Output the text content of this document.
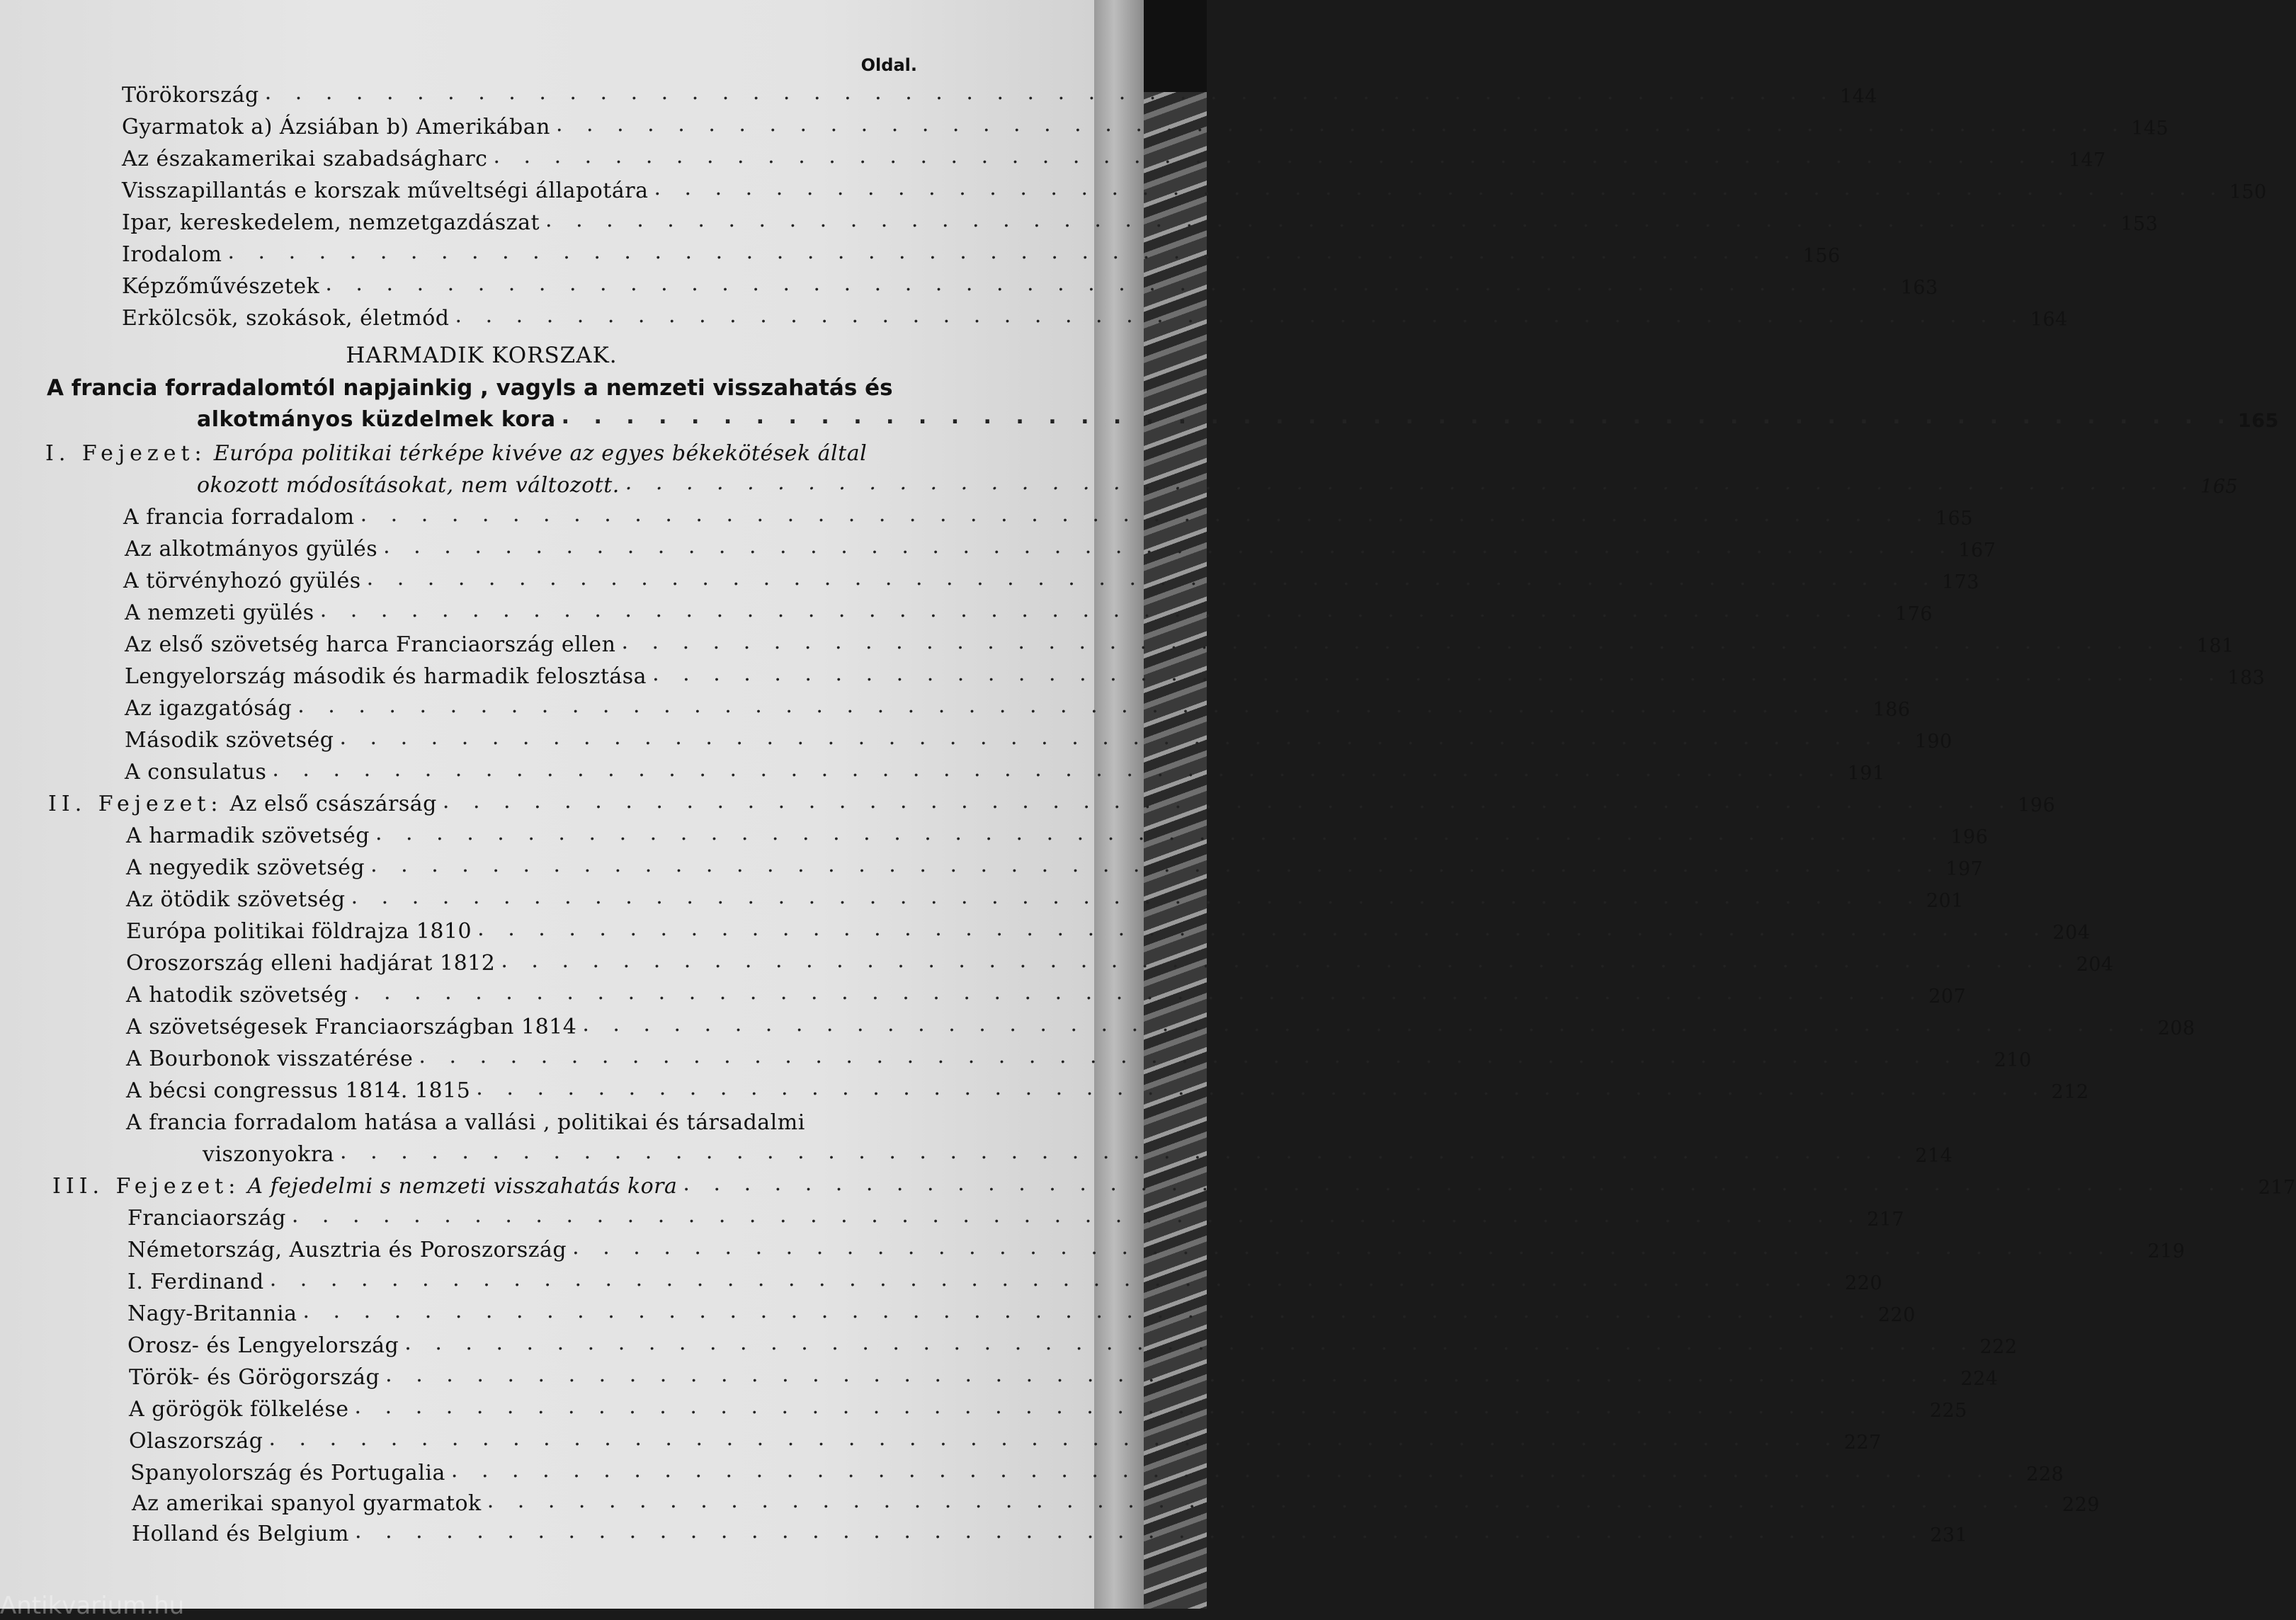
Oldal.
Törökország . . . . . . . . . . . . . . . . . . . . . . . . . . . . . . . . . . . . . . . . . . . . . . . . . . . . 144
Gyarmatok a) Ázsiában b) Amerikában . . . . . . . . . . . . . . . . . . . . . . . . . . . . . . . . . . . . . . . . . . . . . . . . . . . . 145
Az északamerikai szabadságharc . . . . . . . . . . . . . . . . . . . . . . . . . . . . . . . . . . . . . . . . . . . . . . . . . . . . 147
Visszapillantás e korszak műveltségi állapotára . . . . . . . . . . . . . . . . . . . . . . . . . . . . . . . . . . . . . . . . . . . . . . . . . . . . 150
Ipar, kereskedelem, nemzetgazdászat . . . . . . . . . . . . . . . . . . . . . . . . . . . . . . . . . . . . . . . . . . . . . . . . . . . . 153
Irodalom . . . . . . . . . . . . . . . . . . . . . . . . . . . . . . . . . . . . . . . . . . . . . . . . . . . . 156
Képzőművészetek . . . . . . . . . . . . . . . . . . . . . . . . . . . . . . . . . . . . . . . . . . . . . . . . . . . . 163
Erkölcsök, szokások, életmód . . . . . . . . . . . . . . . . . . . . . . . . . . . . . . . . . . . . . . . . . . . . . . . . . . . . 164
HARMADIK KORSZAK.
A francia forradalomtól napjainkig , vagyls a nemzeti visszahatás és
alkotmányos küzdelmek kora . . . . . . . . . . . . . . . . . . . . . . . . . . . . . . . . . . . . . . . . . . . . . . . . . . . . 165
I. Fejezet:
Európa politikai térképe kivéve az egyes békekötések által
okozott módosításokat, nem változott. . . . . . . . . . . . . . . . . . . . . . . . . . . . . . . . . . . . . . . . . . . . . . . . . . . . . 165
A francia forradalom . . . . . . . . . . . . . . . . . . . . . . . . . . . . . . . . . . . . . . . . . . . . . . . . . . . . 165
Az alkotmányos gyülés . . . . . . . . . . . . . . . . . . . . . . . . . . . . . . . . . . . . . . . . . . . . . . . . . . . . 167
A törvényhozó gyülés . . . . . . . . . . . . . . . . . . . . . . . . . . . . . . . . . . . . . . . . . . . . . . . . . . . . 173
A nemzeti gyülés . . . . . . . . . . . . . . . . . . . . . . . . . . . . . . . . . . . . . . . . . . . . . . . . . . . . 176
Az első szövetség harca Franciaország ellen . . . . . . . . . . . . . . . . . . . . . . . . . . . . . . . . . . . . . . . . . . . . . . . . . . . . 181
Lengyelország második és harmadik felosztása . . . . . . . . . . . . . . . . . . . . . . . . . . . . . . . . . . . . . . . . . . . . . . . . . . . . 183
Az igazgatóság . . . . . . . . . . . . . . . . . . . . . . . . . . . . . . . . . . . . . . . . . . . . . . . . . . . . 186
Második szövetség . . . . . . . . . . . . . . . . . . . . . . . . . . . . . . . . . . . . . . . . . . . . . . . . . . . . 190
A consulatus . . . . . . . . . . . . . . . . . . . . . . . . . . . . . . . . . . . . . . . . . . . . . . . . . . . . 191
II. Fejezet:
Az első császárság . . . . . . . . . . . . . . . . . . . . . . . . . . . . . . . . . . . . . . . . . . . . . . . . . . . . 196
A harmadik szövetség . . . . . . . . . . . . . . . . . . . . . . . . . . . . . . . . . . . . . . . . . . . . . . . . . . . . 196
A negyedik szövetség . . . . . . . . . . . . . . . . . . . . . . . . . . . . . . . . . . . . . . . . . . . . . . . . . . . . 197
Az ötödik szövetség . . . . . . . . . . . . . . . . . . . . . . . . . . . . . . . . . . . . . . . . . . . . . . . . . . . . 201
Európa politikai földrajza 1810 . . . . . . . . . . . . . . . . . . . . . . . . . . . . . . . . . . . . . . . . . . . . . . . . . . . . 204
Oroszország elleni hadjárat 1812 . . . . . . . . . . . . . . . . . . . . . . . . . . . . . . . . . . . . . . . . . . . . . . . . . . . . 204
A hatodik szövetség . . . . . . . . . . . . . . . . . . . . . . . . . . . . . . . . . . . . . . . . . . . . . . . . . . . . 207
A szövetségesek Franciaországban 1814 . . . . . . . . . . . . . . . . . . . . . . . . . . . . . . . . . . . . . . . . . . . . . . . . . . . . 208
A Bourbonok visszatérése . . . . . . . . . . . . . . . . . . . . . . . . . . . . . . . . . . . . . . . . . . . . . . . . . . . . 210
A bécsi congressus 1814. 1815 . . . . . . . . . . . . . . . . . . . . . . . . . . . . . . . . . . . . . . . . . . . . . . . . . . . . 212
A francia forradalom hatása a vallási , politikai és társadalmi
viszonyokra . . . . . . . . . . . . . . . . . . . . . . . . . . . . . . . . . . . . . . . . . . . . . . . . . . . . 214
III. Fejezet:
A fejedelmi s nemzeti visszahatás kora . . . . . . . . . . . . . . . . . . . . . . . . . . . . . . . . . . . . . . . . . . . . . . . . . . . . 217
Franciaország . . . . . . . . . . . . . . . . . . . . . . . . . . . . . . . . . . . . . . . . . . . . . . . . . . . . 217
Németország, Ausztria és Poroszország . . . . . . . . . . . . . . . . . . . . . . . . . . . . . . . . . . . . . . . . . . . . . . . . . . . . 219
I. Ferdinand . . . . . . . . . . . . . . . . . . . . . . . . . . . . . . . . . . . . . . . . . . . . . . . . . . . . 220
Nagy-Britannia . . . . . . . . . . . . . . . . . . . . . . . . . . . . . . . . . . . . . . . . . . . . . . . . . . . . 220
Orosz- és Lengyelország . . . . . . . . . . . . . . . . . . . . . . . . . . . . . . . . . . . . . . . . . . . . . . . . . . . . 222
Török- és Görögország . . . . . . . . . . . . . . . . . . . . . . . . . . . . . . . . . . . . . . . . . . . . . . . . . . . . 224
A görögök fölkelése . . . . . . . . . . . . . . . . . . . . . . . . . . . . . . . . . . . . . . . . . . . . . . . . . . . . 225
Olaszország . . . . . . . . . . . . . . . . . . . . . . . . . . . . . . . . . . . . . . . . . . . . . . . . . . . . 227
Spanyolország és Portugalia . . . . . . . . . . . . . . . . . . . . . . . . . . . . . . . . . . . . . . . . . . . . . . . . . . . . 228
Az amerikai spanyol gyarmatok . . . . . . . . . . . . . . . . . . . . . . . . . . . . . . . . . . . . . . . . . . . . . . . . . . . . 229
Holland és Belgium . . . . . . . . . . . . . . . . . . . . . . . . . . . . . . . . . . . . . . . . . . . . . . . . . . . . 231
Antikvarium.hu
